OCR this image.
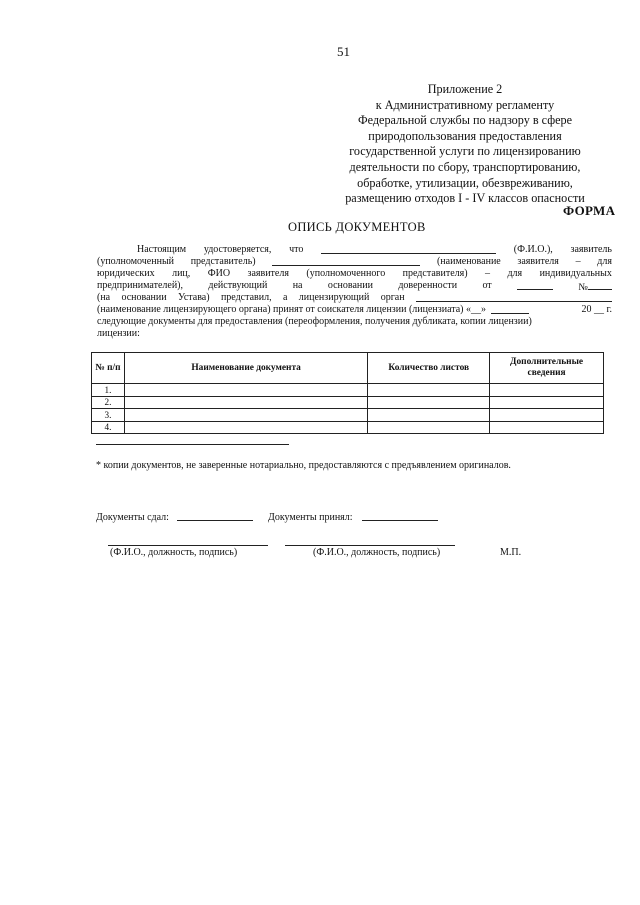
51
Приложение 2
к Административному регламенту
Федеральной службы по надзору в сфере
природопользования предоставления
государственной услуги по лицензированию
деятельности по сбору, транспортированию,
обработке, утилизации, обезвреживанию,
размещению отходов I - IV классов опасности
ФОРМА
ОПИСЬ ДОКУМЕНТОВ
Настоящим удостоверяется, что	(Ф.И.О.), заявитель
(уполномоченный представитель)	(наименование заявителя – для
юридических лиц, ФИО заявителя (уполномоченного представителя) – для индивидуальных
предпринимателей),	действующий	на	основании	доверенности	от	№
(на основании Устава) представил, а лицензирующий орган
(наименование лицензирующего органа) принят от соискателя лицензии (лицензиата) «__»	20 __ г.
следующие документы для предоставления (переоформления, получения дубликата, копии лицензии)
лицензии:
№ п/п	Наименование документа	Количество листов	Дополнительные сведения
1.			
2.			
3.			
4.			
* копии документов, не заверенные нотариально, предоставляются с предъявлением оригиналов.
Документы сдал:	Документы принял:
(Ф.И.О., должность, подпись)	(Ф.И.О., должность, подпись)	М.П.
